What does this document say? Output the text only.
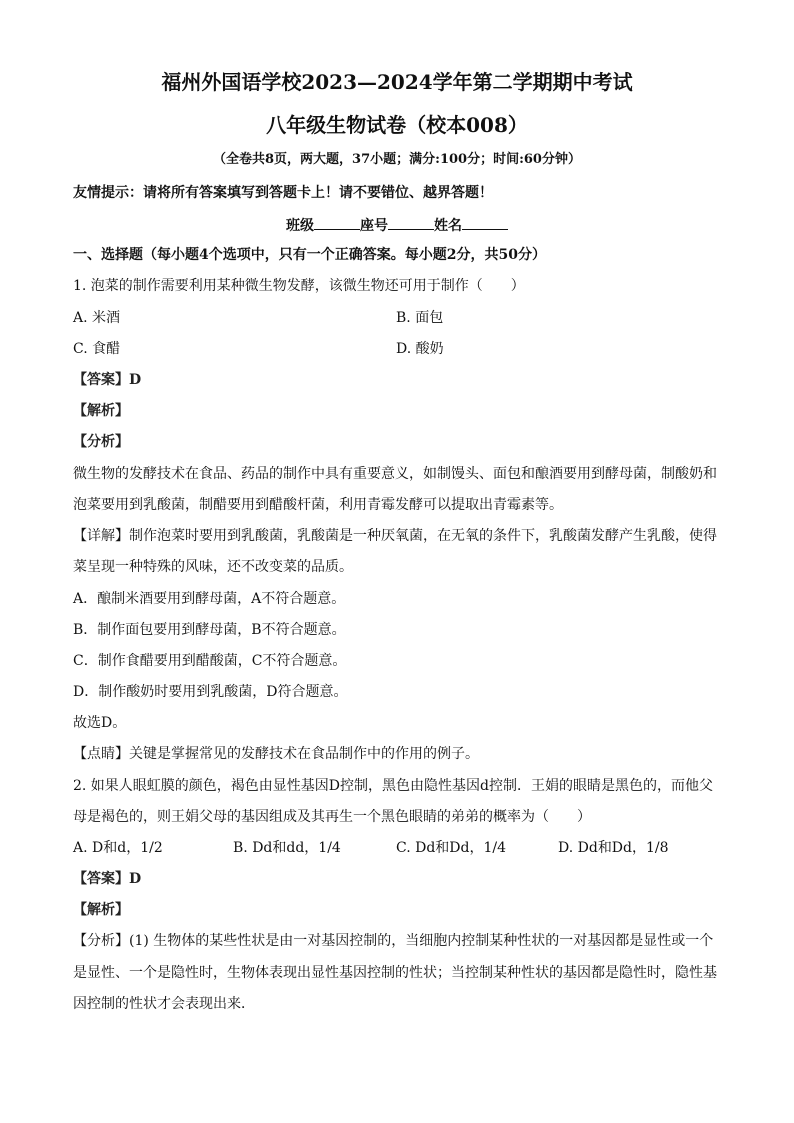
福州外国语学校2023—2024学年第二学期期中考试
八年级生物试卷（校本008）
（全卷共8页，两大题，37小题；满分:100分；时间:60分钟）
友情提示：请将所有答案填写到答题卡上！请不要错位、越界答题！
班级	座号	姓名
一、选择题（每小题4个选项中，只有一个正确答案。每小题2分，共50分）
1. 泡菜的制作需要利用某种微生物发酵，该微生物还可用于制作（　　）
A. 米酒	B. 面包
C. 食醋	D. 酸奶
【答案】D
【解析】
【分析】
微生物的发酵技术在食品、药品的制作中具有重要意义，如制馒头、面包和酿酒要用到酵母菌，制酸奶和
泡菜要用到乳酸菌，制醋要用到醋酸杆菌，利用青霉发酵可以提取出青霉素等。
【详解】制作泡菜时要用到乳酸菌，乳酸菌是一种厌氧菌，在无氧的条件下，乳酸菌发酵产生乳酸，使得
菜呈现一种特殊的风味，还不改变菜的品质。
A．酿制米酒要用到酵母菌，A不符合题意。
B．制作面包要用到酵母菌，B不符合题意。
C．制作食醋要用到醋酸菌，C不符合题意。
D．制作酸奶时要用到乳酸菌，D符合题意。
故选D。
【点睛】关键是掌握常见的发酵技术在食品制作中的作用的例子。
2. 如果人眼虹膜的颜色，褐色由显性基因D控制，黑色由隐性基因d控制．王娟的眼睛是黑色的，而他父
母是褐色的，则王娟父母的基因组成及其再生一个黑色眼睛的弟弟的概率为（　　）
A. D和d，1/2	B. Dd和dd，1/4	C. Dd和Dd，1/4	D. Dd和Dd，1/8
【答案】D
【解析】
【分析】(1) 生物体的某些性状是由一对基因控制的，当细胞内控制某种性状的一对基因都是显性或一个
是显性、一个是隐性时，生物体表现出显性基因控制的性状；当控制某种性状的基因都是隐性时，隐性基
因控制的性状才会表现出来．
